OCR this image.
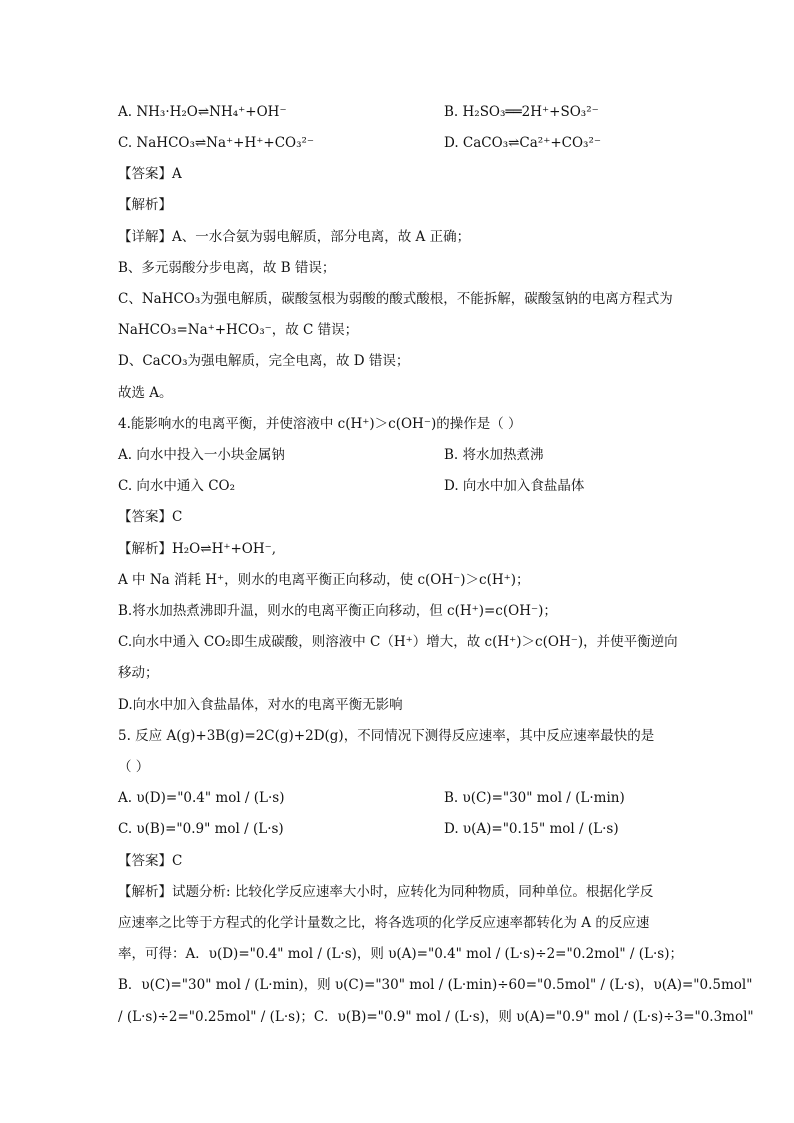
A. NH₃·H₂O⇌NH₄⁺+OH⁻	B. H₂SO₃══2H⁺+SO₃²⁻
C. NaHCO₃⇌Na⁺+H⁺+CO₃²⁻	D. CaCO₃⇌Ca²⁺+CO₃²⁻
【答案】A
【解析】
【详解】A、一水合氨为弱电解质，部分电离，故 A 正确；
B、多元弱酸分步电离，故 B 错误；
C、NaHCO₃为强电解质，碳酸氢根为弱酸的酸式酸根，不能拆解，碳酸氢钠的电离方程式为
NaHCO₃=Na⁺+HCO₃⁻，故 C 错误；
D、CaCO₃为强电解质，完全电离，故 D 错误；
故选 A。
4.能影响水的电离平衡，并使溶液中 c(H⁺)＞c(OH⁻)的操作是（ ）
A. 向水中投入一小块金属钠	B. 将水加热煮沸
C. 向水中通入 CO₂	D. 向水中加入食盐晶体
【答案】C
【解析】H₂O⇌H⁺+OH⁻,
A 中 Na 消耗 H⁺，则水的电离平衡正向移动，使 c(OH⁻)＞c(H⁺)；
B.将水加热煮沸即升温，则水的电离平衡正向移动，但 c(H⁺)=c(OH⁻)；
C.向水中通入 CO₂即生成碳酸，则溶液中 C（H⁺）增大，故 c(H⁺)＞c(OH⁻)，并使平衡逆向
移动；
D.向水中加入食盐晶体，对水的电离平衡无影响
5. 反应 A(g)+3B(g)=2C(g)+2D(g)，不同情况下测得反应速率，其中反应速率最快的是
（ ）
A. υ(D)="0.4" mol / (L·s)	B. υ(C)="30" mol / (L·min)
C. υ(B)="0.9" mol / (L·s)	D. υ(A)="0.15" mol / (L·s)
【答案】C
【解析】试题分析: 比较化学反应速率大小时，应转化为同种物质，同种单位。根据化学反
应速率之比等于方程式的化学计量数之比，将各选项的化学反应速率都转化为 A 的反应速
率，可得：A． υ(D)="0.4" mol / (L·s)， 则 υ(A)="0.4" mol / (L·s)÷2="0.2mol" / (L·s)；
B． υ(C)="30" mol / (L·min)，则 υ(C)="30" mol / (L·min)÷60="0.5mol" / (L·s)， υ(A)="0.5mol"
/ (L·s)÷2="0.25mol" / (L·s)；C．υ(B)="0.9" mol / (L·s)， 则 υ(A)="0.9" mol / (L·s)÷3="0.3mol"
